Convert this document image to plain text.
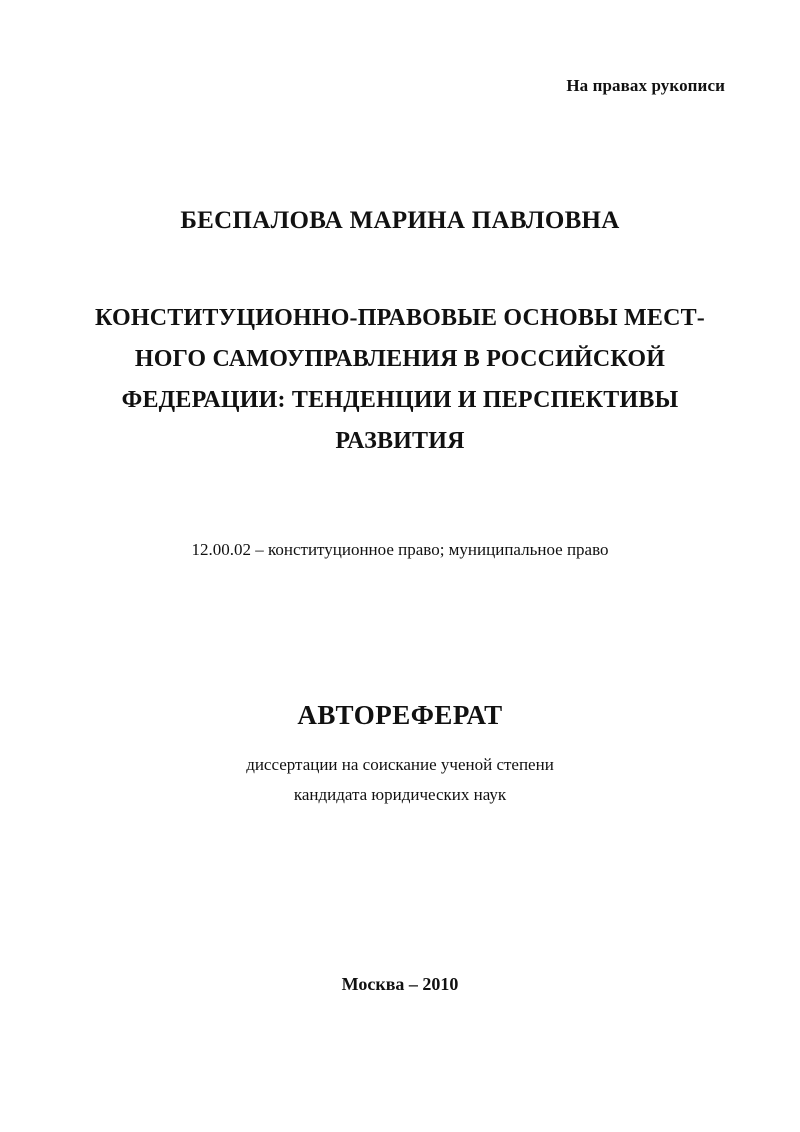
На правах рукописи
БЕСПАЛОВА МАРИНА ПАВЛОВНА
КОНСТИТУЦИОННО-ПРАВОВЫЕ ОСНОВЫ МЕСТ-
НОГО САМОУПРАВЛЕНИЯ В РОССИЙСКОЙ
ФЕДЕРАЦИИ: ТЕНДЕНЦИИ И ПЕРСПЕКТИВЫ
РАЗВИТИЯ
12.00.02 – конституционное право; муниципальное право
АВТОРЕФЕРАТ
диссертации на соискание ученой степени
кандидата юридических наук
Москва – 2010
